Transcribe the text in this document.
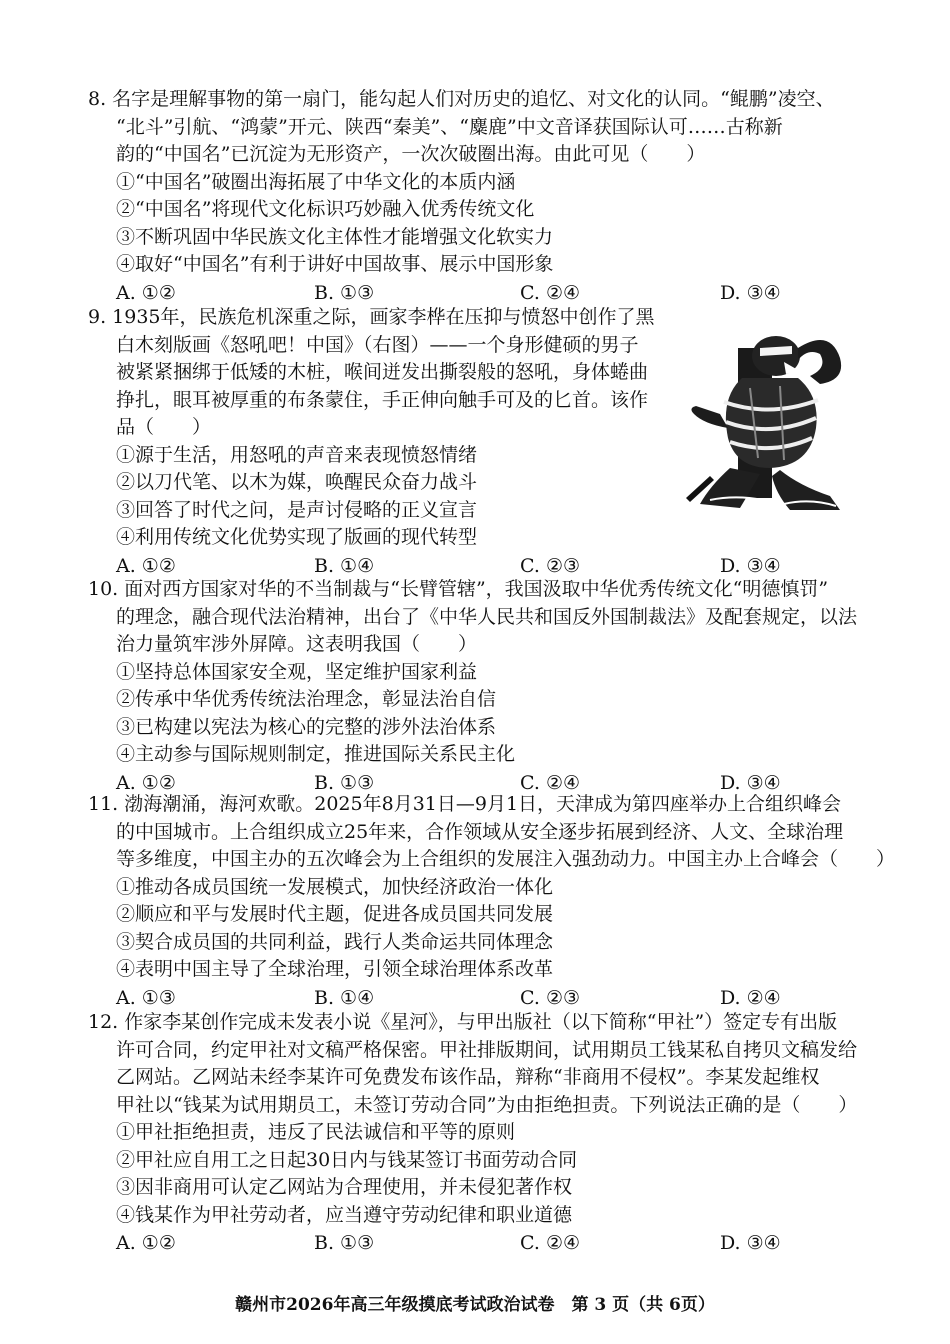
8. 名字是理解事物的第一扇门，能勾起人们对历史的追忆、对文化的认同。“鲲鹏”凌空、
“北斗”引航、“鸿蒙”开元、陕西“秦美”、“麋鹿”中文音译获国际认可……古称新
韵的“中国名”已沉淀为无形资产，一次次破圈出海。由此可见（　　）
①“中国名”破圈出海拓展了中华文化的本质内涵
②“中国名”将现代文化标识巧妙融入优秀传统文化
③不断巩固中华民族文化主体性才能增强文化软实力
④取好“中国名”有利于讲好中国故事、展示中国形象
A. ①②	B. ①③	C. ②④	D. ③④
9. 1935年，民族危机深重之际，画家李桦在压抑与愤怒中创作了黑
白木刻版画《怒吼吧！中国》（右图）——一个身形健硕的男子
被紧紧捆绑于低矮的木桩，喉间迸发出撕裂般的怒吼，身体蜷曲
挣扎，眼耳被厚重的布条蒙住，手正伸向触手可及的匕首。该作
品（　　）
①源于生活，用怒吼的声音来表现愤怒情绪
②以刀代笔、以木为媒，唤醒民众奋力战斗
③回答了时代之问，是声讨侵略的正义宣言
④利用传统文化优势实现了版画的现代转型
A. ①②	B. ①④	C. ②③	D. ③④
10. 面对西方国家对华的不当制裁与“长臂管辖”，我国汲取中华优秀传统文化“明德慎罚”
的理念，融合现代法治精神，出台了《中华人民共和国反外国制裁法》及配套规定，以法
治力量筑牢涉外屏障。这表明我国（　　）
①坚持总体国家安全观，坚定维护国家利益
②传承中华优秀传统法治理念，彰显法治自信
③已构建以宪法为核心的完整的涉外法治体系
④主动参与国际规则制定，推进国际关系民主化
A. ①②	B. ①③	C. ②④	D. ③④
11. 渤海潮涌，海河欢歌。2025年8月31日—9月1日，天津成为第四座举办上合组织峰会
的中国城市。上合组织成立25年来，合作领域从安全逐步拓展到经济、人文、全球治理
等多维度，中国主办的五次峰会为上合组织的发展注入强劲动力。中国主办上合峰会（　　）
①推动各成员国统一发展模式，加快经济政治一体化
②顺应和平与发展时代主题，促进各成员国共同发展
③契合成员国的共同利益，践行人类命运共同体理念
④表明中国主导了全球治理，引领全球治理体系改革
A. ①③	B. ①④	C. ②③	D. ②④
12. 作家李某创作完成未发表小说《星河》，与甲出版社（以下简称“甲社”）签定专有出版
许可合同，约定甲社对文稿严格保密。甲社排版期间，试用期员工钱某私自拷贝文稿发给
乙网站。乙网站未经李某许可免费发布该作品，辩称“非商用不侵权”。李某发起维权
甲社以“钱某为试用期员工，未签订劳动合同”为由拒绝担责。下列说法正确的是（　　）
①甲社拒绝担责，违反了民法诚信和平等的原则
②甲社应自用工之日起30日内与钱某签订书面劳动合同
③因非商用可认定乙网站为合理使用，并未侵犯著作权
④钱某作为甲社劳动者，应当遵守劳动纪律和职业道德
A. ①②	B. ①③	C. ②④	D. ③④
赣州市2026年高三年级摸底考试政治试卷　第 3 页（共 6页）
